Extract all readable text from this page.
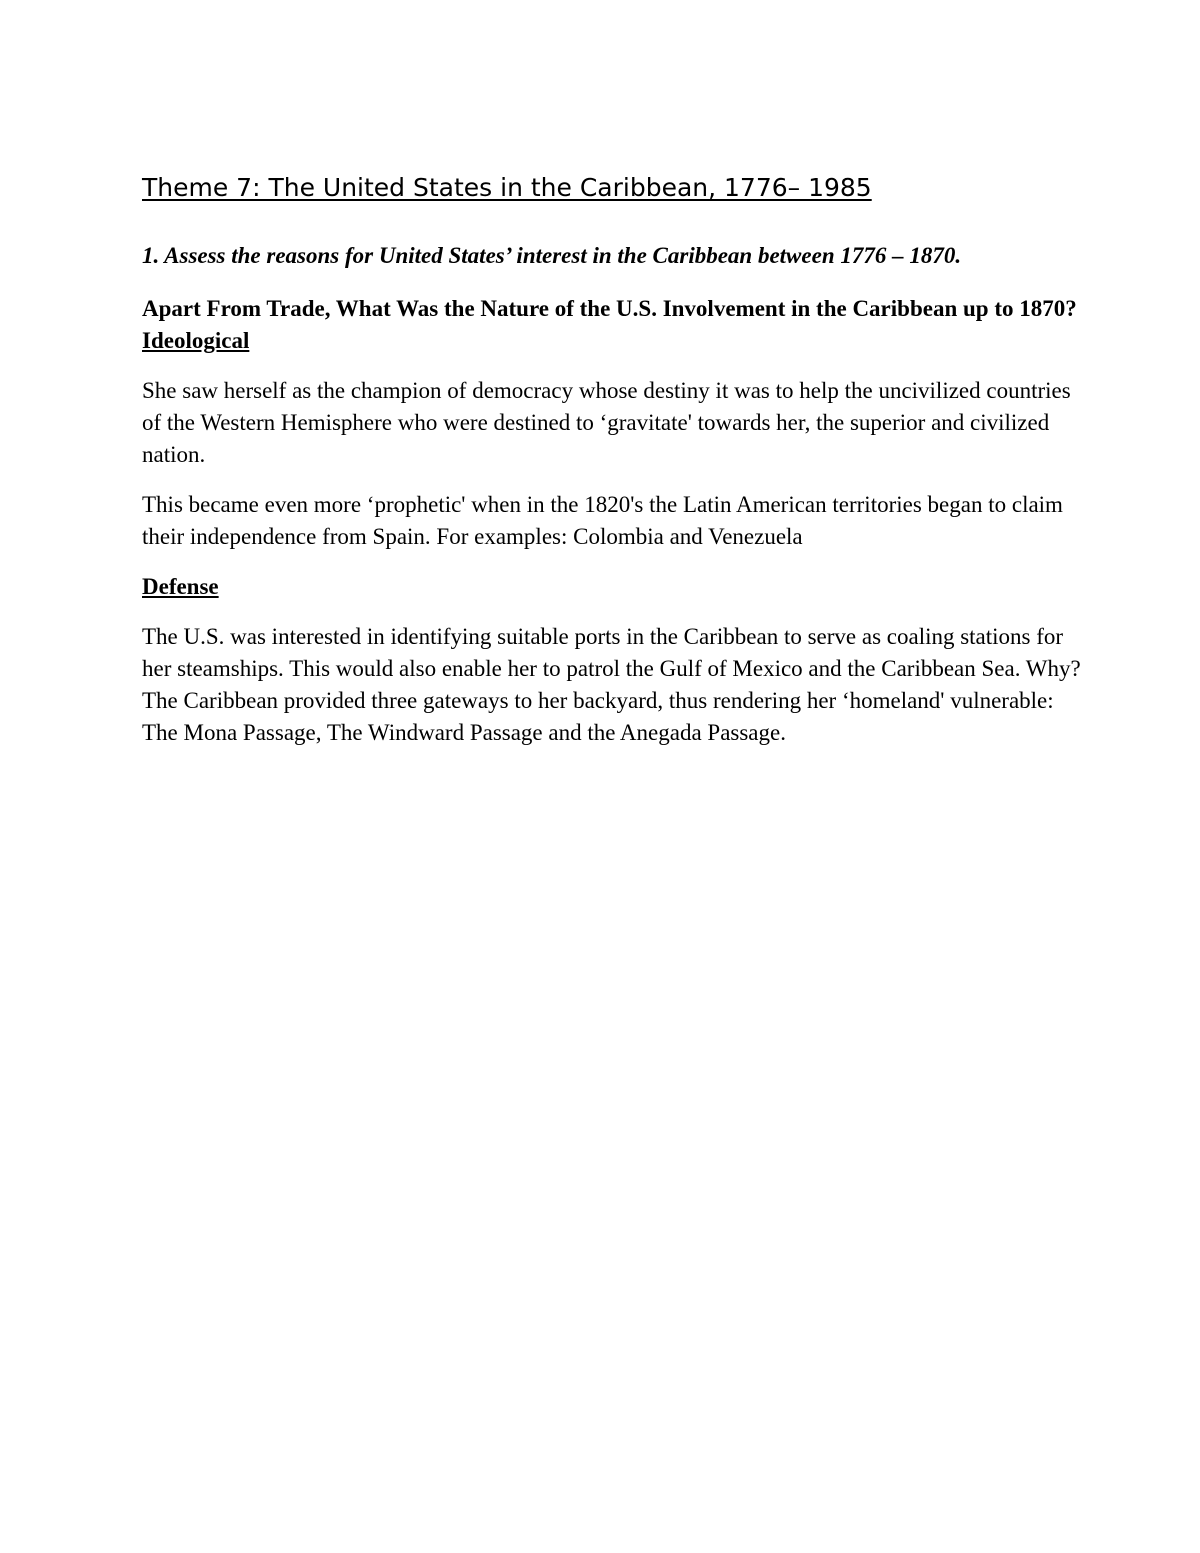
Theme 7: The United States in the Caribbean, 1776– 1985

1. Assess the reasons for United States’ interest in the Caribbean between 1776 – 1870.

Apart From Trade, What Was the Nature of the U.S. Involvement in the Caribbean up to 1870?

Ideological

She saw herself as the champion of democracy whose destiny it was to help the uncivilized countries of the Western Hemisphere who were destined to ‘gravitate' towards her, the superior and civilized nation.

This became even more ‘prophetic' when in the 1820's the Latin American territories began to claim their independence from Spain. For examples: Colombia and Venezuela

Defense

The U.S. was interested in identifying suitable ports in the Caribbean to serve as coaling stations for her steamships. This would also enable her to patrol the Gulf of Mexico and the Caribbean Sea. Why? The Caribbean provided three gateways to her backyard, thus rendering her ‘homeland' vulnerable: The Mona Passage, The Windward Passage and the Anegada Passage.
